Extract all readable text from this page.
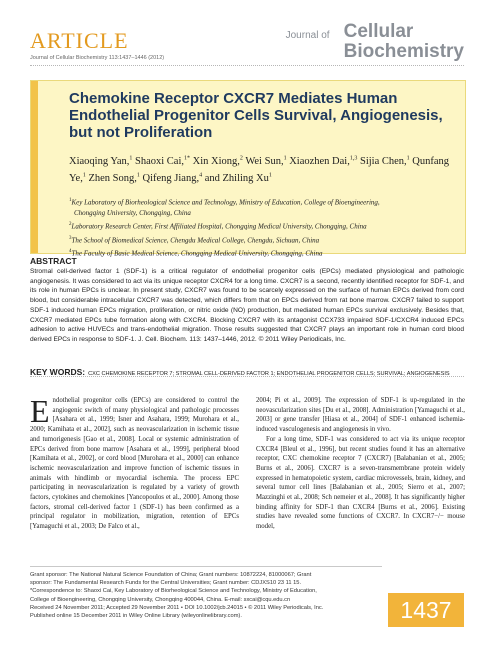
ARTICLE
Journal of Cellular Biochemistry 113:1437–1446 (2012)
Journal of Cellular
Biochemistry
Chemokine Receptor CXCR7 Mediates Human Endothelial Progenitor Cells Survival, Angiogenesis, but not Proliferation
Xiaoqing Yan,$^1$ Shaoxi Cai,$^{1*}$ Xin Xiong,$^2$ Wei Sun,$^1$ Xiaozhen Dai,$^{1,3}$ Sijia Chen,$^1$ Qunfang Ye,$^1$ Zhen Song,$^1$ Qifeng Jiang,$^4$ and Zhiling Xu$^1$
$^1$Key Laboratory of Biorheological Science and Technology, Ministry of Education, College of Bioengineering,
Chongqing University, Chongqing, China
$^2$Laboratory Research Center, First Affiliated Hospital, Chongqing Medical University, Chongqing, China
$^3$The School of Biomedical Science, Chengdu Medical College, Chengdu, Sichuan, China
$^4$The Faculty of Basic Medical Science, Chongqing Medical University, Chongqing, China
ABSTRACT
Stromal cell-derived factor 1 (SDF-1) is a critical regulator of endothelial progenitor cells (EPCs) mediated physiological and pathologic angiogenesis. It was considered to act via its unique receptor CXCR4 for a long time. CXCR7 is a second, recently identified receptor for SDF-1, and its role in human EPCs is unclear. In present study, CXCR7 was found to be scarcely expressed on the surface of human EPCs derived from cord blood, but considerable intracellular CXCR7 was detected, which differs from that on EPCs derived from rat bone marrow. CXCR7 failed to support SDF-1 induced human EPCs migration, proliferation, or nitric oxide (NO) production, but mediated human EPCs survival exclusively. Besides that, CXCR7 mediated EPCs tube formation along with CXCR4. Blocking CXCR7 with its antagonist CCX733 impaired SDF-1/CXCR4 induced EPCs adhesion to active HUVECs and trans-endothelial migration. Those results suggested that CXCR7 plays an important role in human cord blood derived EPCs in response to SDF-1. J. Cell. Biochem. 113: 1437–1446, 2012. © 2011 Wiley Periodicals, Inc.
KEY WORDS: CXC CHEMOKINE RECEPTOR 7; STROMAL CELL-DERIVED FACTOR 1; ENDOTHELIAL PROGENITOR CELLS; SURVIVAL; ANGIOGENESIS

Endothelial progenitor cells (EPCs) are considered to control the angiogenic switch of many physiological and pathologic processes [Asahara et al., 1999; Isner and Asahara, 1999; Murohara et al., 2000; Kamihata et al., 2002], such as neovascularization in ischemic tissue and tumorigenesis [Gao et al., 2008]. Local or systemic administration of EPCs derived from bone marrow [Asahara et al., 1999], peripheral blood [Kamihata et al., 2002], or cord blood [Murohara et al., 2000] can enhance ischemic neovascularization and improve function of ischemic tissues in animals with hindlimb or myocardial ischemia. The process EPC participating in neovascularization is regulated by a variety of growth factors, cytokines and chemokines [Yancopoulos et al., 2000]. Among those factors, stromal cell-derived factor 1 (SDF-1) has been confirmed as a principal regulator in mobilization, migration, retention of EPCs [Yamaguchi et al., 2003; De Falco et al.,

2004; Pi et al., 2009]. The expression of SDF-1 is up-regulated in the neovascularization sites [Du et al., 2008]. Administration [Yamaguchi et al., 2003] or gene transfer [Hiasa et al., 2004] of SDF-1 enhanced ischemia-induced vasculogenesis and angiogenesis in vivo.

For a long time, SDF-1 was considered to act via its unique receptor CXCR4 [Bleul et al., 1996], but recent studies found it has an alternative receptor, CXC chemokine receptor 7 (CXCR7) [Balabanian et al., 2005; Burns et al., 2006]. CXCR7 is a seven-transmembrane protein widely expressed in hematopoietic system, cardiac microvessels, brain, kidney, and several tumor cell lines [Balabanian et al., 2005; Sierro et al., 2007; Mazzinghi et al., 2008; Sch nemeier et al., 2008]. It has significantly higher binding affinity for SDF-1 than CXCR4 [Burns et al., 2006]. Existing studies have revealed some functions of CXCR7. In CXCR7−/− mouse model,

Grant sponsor: The National Natural Science Foundation of China; Grant numbers: 10872224, 81000067; Grant
sponsor: The Fundamental Research Funds for the Central Universities; Grant number: CDJXS10 23 11 15.
*Correspondence to: Shaoxi Cai, Key Laboratory of Biorheological Science and Technology, Ministry of Education,
College of Bioengineering, Chongqing University, Chongqing 400044, China. E-mail: sxcai@cqu.edu.cn
Received 24 November 2011; Accepted 29 November 2011 • DOI 10.1002/jcb.24015 • © 2011 Wiley Periodicals, Inc.
Published online 15 December 2011 in Wiley Online Library (wileyonlinelibrary.com).	1437
